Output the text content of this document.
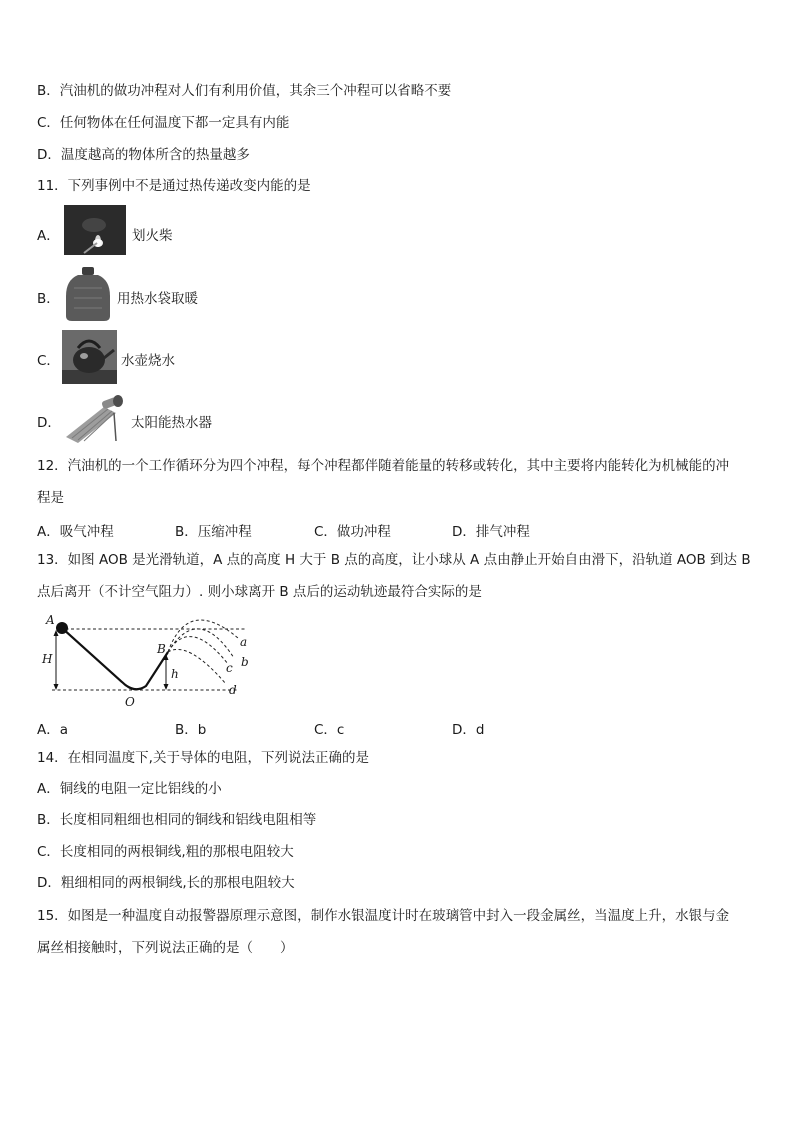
B．汽油机的做功冲程对人们有利用价值，其余三个冲程可以省略不要
C．任何物体在任何温度下都一定具有内能
D．温度越高的物体所含的热量越多
11．下列事例中不是通过热传递改变内能的是
A．	划火柴
B．	用热水袋取暖
C．	水壶烧水
D．	太阳能热水器
12．汽油机的一个工作循环分为四个冲程，每个冲程都伴随着能量的转移或转化，其中主要将内能转化为机械能的冲
程是
A．吸气冲程	B．压缩冲程	C．做功冲程	D．排气冲程
13．如图 AOB 是光滑轨道，A 点的高度 H 大于 B 点的高度，让小球从 A 点由静止开始自由滑下，沿轨道 AOB 到达 B
点后离开（不计空气阻力）. 则小球离开 B 点后的运动轨迹最符合实际的是
A
H
B
h
O
a
b
c
d
A．a	B．b	C．c	D．d
14．在相同温度下,关于导体的电阻，下列说法正确的是
A．铜线的电阻一定比铝线的小
B．长度相同粗细也相同的铜线和铝线电阻相等
C．长度相同的两根铜线,粗的那根电阻较大
D．粗细相同的两根铜线,长的那根电阻较大
15．如图是一种温度自动报警器原理示意图，制作水银温度计时在玻璃管中封入一段金属丝，当温度上升，水银与金
属丝相接触时，下列说法正确的是（　　）
